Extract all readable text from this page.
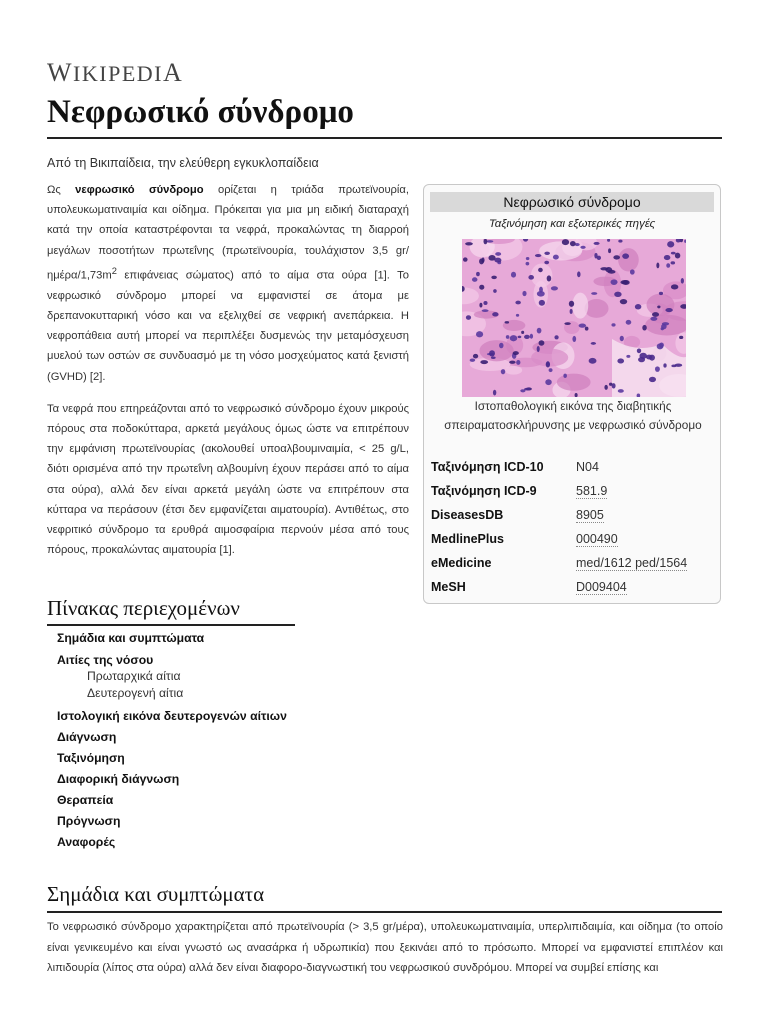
WIKIPEDIA
Νεφρωσικό σύνδρομο
Από τη Βικιπαίδεια, την ελεύθερη εγκυκλοπαίδεια

Ως νεφρωσικό σύνδρομο ορίζεται η τριάδα πρωτεϊνουρία, υπολευκωματιναιμία και οίδημα. Πρόκειται για μια μη ειδική διαταραχή κατά την οποία καταστρέφονται τα νεφρά, προκαλώντας τη διαρροή μεγάλων ποσοτήτων πρωτεΐνης (πρωτεϊνουρία, τουλάχιστον 3,5 $gr/\eta\mu έ\rho\alpha/1,73m^2$ επιφάνειας σώματος) από το αίμα στα ούρα [1]. Το νεφρωσικό σύνδρομο μπορεί να εμφανιστεί σε άτομα με δρεπανοκυτταρική νόσο και να εξελιχθεί σε νεφρική ανεπάρκεια. Η νεφροπάθεια αυτή μπορεί να περιπλέξει δυσμενώς την μεταμόσχευση μυελού των οστών σε συνδυασμό με τη νόσο μοσχεύματος κατά ξενιστή (GVHD) [2].

Τα νεφρά που επηρεάζονται από το νεφρωσικό σύνδρομο έχουν μικρούς πόρους στα ποδοκύτταρα, αρκετά μεγάλους όμως ώστε να επιτρέπουν την εμφάνιση πρωτεϊνουρίας (ακολουθεί υποαλβουμιναιμία, < 25 g/L, διότι ορισμένα από την πρωτεΐνη αλβουμίνη έχουν περάσει από το αίμα στα ούρα), αλλά δεν είναι αρκετά μεγάλη ώστε να επιτρέπουν στα κύτταρα να περάσουν (έτσι δεν εμφανίζεται αιματουρία). Αντιθέτως, στο νεφριτικό σύνδρομο τα ερυθρά αιμοσφαίρια περνούν μέσα από τους πόρους, προκαλώντας αιματουρία [1].

Νεφρωσικό σύνδρομο
Ταξινόμηση και εξωτερικές πηγές
Ιστοπαθολογική εικόνα της διαβητικής σπειραματοσκλήρυνσης με νεφρωσικό σύνδρομο
Ταξινόμηση ICD-10	N04
Ταξινόμηση ICD-9	581.9
DiseasesDB	8905
MedlinePlus	000490
eMedicine	med/1612 ped/1564
MeSH	D009404
Πίνακας περιεχομένων
Σημάδια και συμπτώματα
Αιτίες της νόσου
Πρωταρχικά αίτια
Δευτερογενή αίτια
Ιστολογική εικόνα δευτερογενών αίτιων
Διάγνωση
Ταξινόμηση
Διαφορική διάγνωση
Θεραπεία
Πρόγνωση
Αναφορές
Σημάδια και συμπτώματα
Το νεφρωσικό σύνδρομο χαρακτηρίζεται από πρωτεϊνουρία (> 3,5 gr/μέρα), υπολευκωματιναιμία, υπερλιπιδαιμία, και οίδημα (το οποίο είναι γενικευμένο και είναι γνωστό ως ανασάρκα ή υδρωπικία) που ξεκινάει από το πρόσωπο. Μπορεί να εμφανιστεί επιπλέον και λιπιδουρία (λίπος στα ούρα) αλλά δεν είναι διαφορο-διαγνωστική του νεφρωσικού συνδρόμου. Μπορεί να συμβεί επίσης και
